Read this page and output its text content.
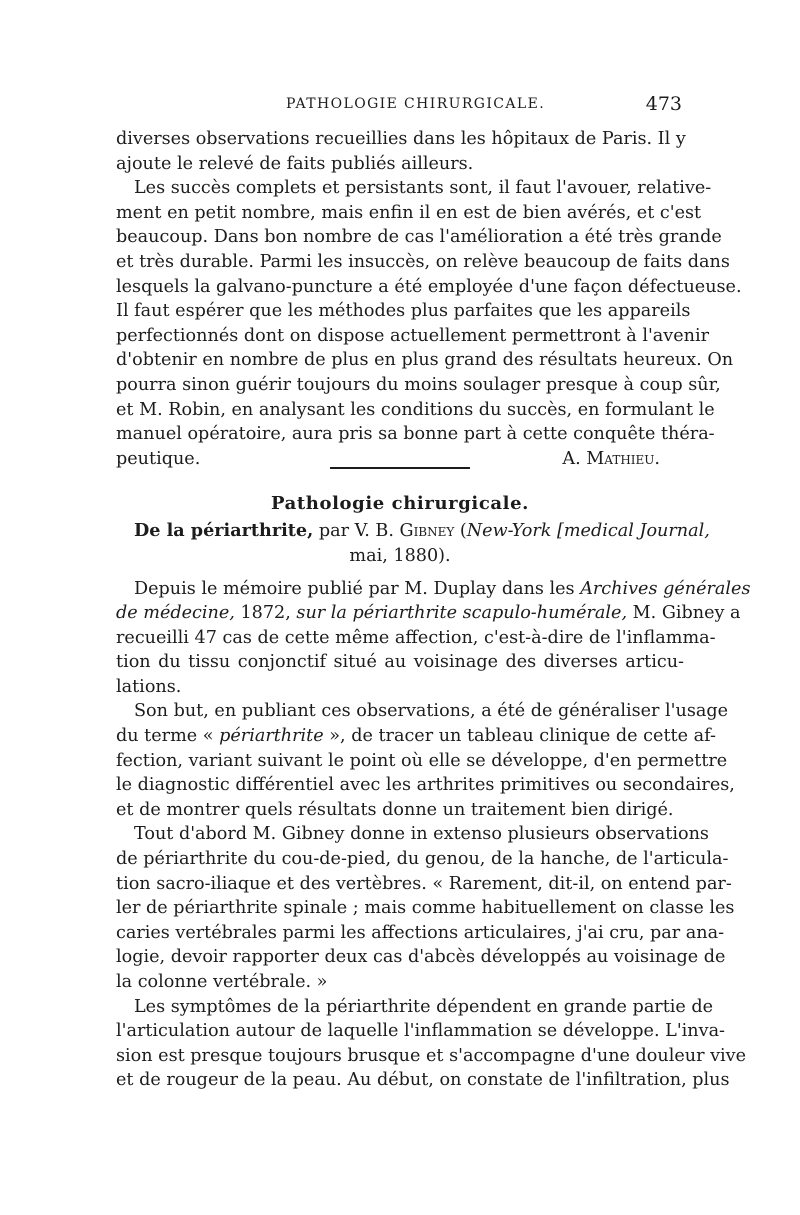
PATHOLOGIE CHIRURGICALE.	473
diverses observations recueillies dans les hôpitaux de Paris. Il y
ajoute le relevé de faits publiés ailleurs.
Les succès complets et persistants sont, il faut l'avouer, relative-
ment en petit nombre, mais enfin il en est de bien avérés, et c'est
beaucoup. Dans bon nombre de cas l'amélioration a été très grande
et très durable. Parmi les insuccès, on relève beaucoup de faits dans
lesquels la galvano-puncture a été employée d'une façon défectueuse.
Il faut espérer que les méthodes plus parfaites que les appareils
perfectionnés dont on dispose actuellement permettront à l'avenir
d'obtenir en nombre de plus en plus grand des résultats heureux. On
pourra sinon guérir toujours du moins soulager presque à coup sûr,
et M. Robin, en analysant les conditions du succès, en formulant le
manuel opératoire, aura pris sa bonne part à cette conquête théra-
peutique.	A. Mathieu.
Pathologie chirurgicale.
De la périarthrite, par V. B. Gibney (New-York [medical Journal,
mai, 1880).
Depuis le mémoire publié par M. Duplay dans les Archives générales
de médecine, 1872, sur la périarthrite scapulo-humérale, M. Gibney a
recueilli 47 cas de cette même affection, c'est-à-dire de l'inflamma-
tion du tissu conjonctif situé au voisinage des diverses articu-
lations.
Son but, en publiant ces observations, a été de généraliser l'usage
du terme « périarthrite », de tracer un tableau clinique de cette af-
fection, variant suivant le point où elle se développe, d'en permettre
le diagnostic différentiel avec les arthrites primitives ou secondaires,
et de montrer quels résultats donne un traitement bien dirigé.
Tout d'abord M. Gibney donne in extenso plusieurs observations
de périarthrite du cou-de-pied, du genou, de la hanche, de l'articula-
tion sacro-iliaque et des vertèbres. « Rarement, dit-il, on entend par-
ler de périarthrite spinale ; mais comme habituellement on classe les
caries vertébrales parmi les affections articulaires, j'ai cru, par ana-
logie, devoir rapporter deux cas d'abcès développés au voisinage de
la colonne vertébrale. »
Les symptômes de la périarthrite dépendent en grande partie de
l'articulation autour de laquelle l'inflammation se développe. L'inva-
sion est presque toujours brusque et s'accompagne d'une douleur vive
et de rougeur de la peau. Au début, on constate de l'infiltration, plus
